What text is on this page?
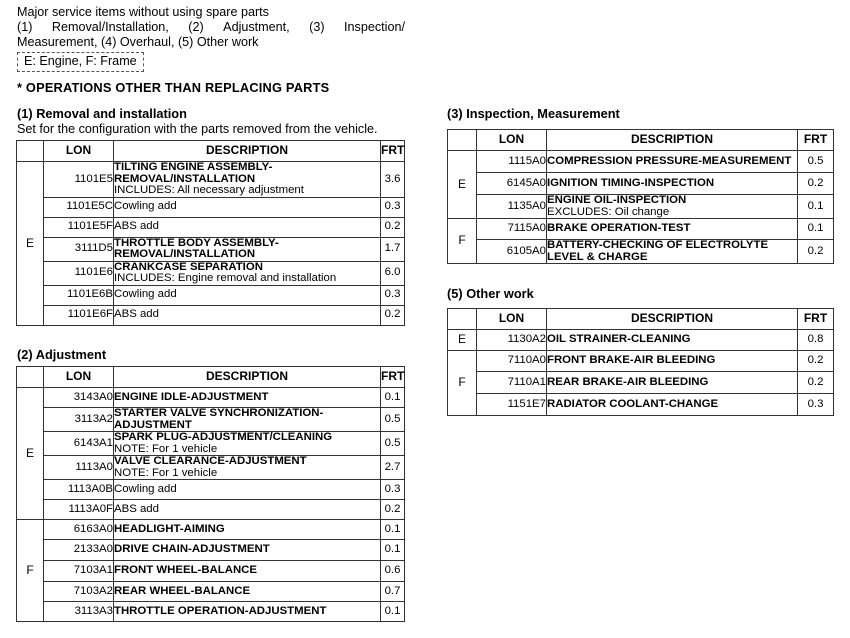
Major service items without using spare parts
(1) Removal/Installation, (2) Adjustment, (3) Inspection/
Measurement, (4) Overhaul, (5) Other work
E: Engine, F: Frame
* OPERATIONS OTHER THAN REPLACING PARTS
(1) Removal and installation
Set for the configuration with the parts removed from the vehicle.
	LON	DESCRIPTION	FRT
E	1101E5	TILTING ENGINE ASSEMBLY-REMOVAL/INSTALLATION
INCLUDES: All necessary adjustment	3.6
	1101E5C	Cowling add	0.3
	1101E5F	ABS add	0.2
	3111D5	THROTTLE BODY ASSEMBLY-REMOVAL/INSTALLATION	1.7
	1101E6	CRANKCASE SEPARATION
INCLUDES: Engine removal and installation	6.0
	1101E6B	Cowling add	0.3
	1101E6F	ABS add	0.2
(2) Adjustment
	LON	DESCRIPTION	FRT
E	3143A0	ENGINE IDLE-ADJUSTMENT	0.1
	3113A2	STARTER VALVE SYNCHRONIZATION-ADJUSTMENT	0.5
	6143A1	SPARK PLUG-ADJUSTMENT/CLEANING
NOTE: For 1 vehicle	0.5
	1113A0	VALVE CLEARANCE-ADJUSTMENT
NOTE: For 1 vehicle	2.7
	1113A0B	Cowling add	0.3
	1113A0F	ABS add	0.2
F	6163A0	HEADLIGHT-AIMING	0.1
	2133A0	DRIVE CHAIN-ADJUSTMENT	0.1
	7103A1	FRONT WHEEL-BALANCE	0.6
	7103A2	REAR WHEEL-BALANCE	0.7
	3113A3	THROTTLE OPERATION-ADJUSTMENT	0.1
(3) Inspection, Measurement
	LON	DESCRIPTION	FRT
E	1115A0	COMPRESSION PRESSURE-MEASUREMENT	0.5
	6145A0	IGNITION TIMING-INSPECTION	0.2
	1135A0	ENGINE OIL-INSPECTION
EXCLUDES: Oil change	0.1
F	7115A0	BRAKE OPERATION-TEST	0.1
	6105A0	BATTERY-CHECKING OF ELECTROLYTE LEVEL & CHARGE	0.2
(5) Other work
	LON	DESCRIPTION	FRT
E	1130A2	OIL STRAINER-CLEANING	0.8
F	7110A0	FRONT BRAKE-AIR BLEEDING	0.2
	7110A1	REAR BRAKE-AIR BLEEDING	0.2
	1151E7	RADIATOR COOLANT-CHANGE	0.3
